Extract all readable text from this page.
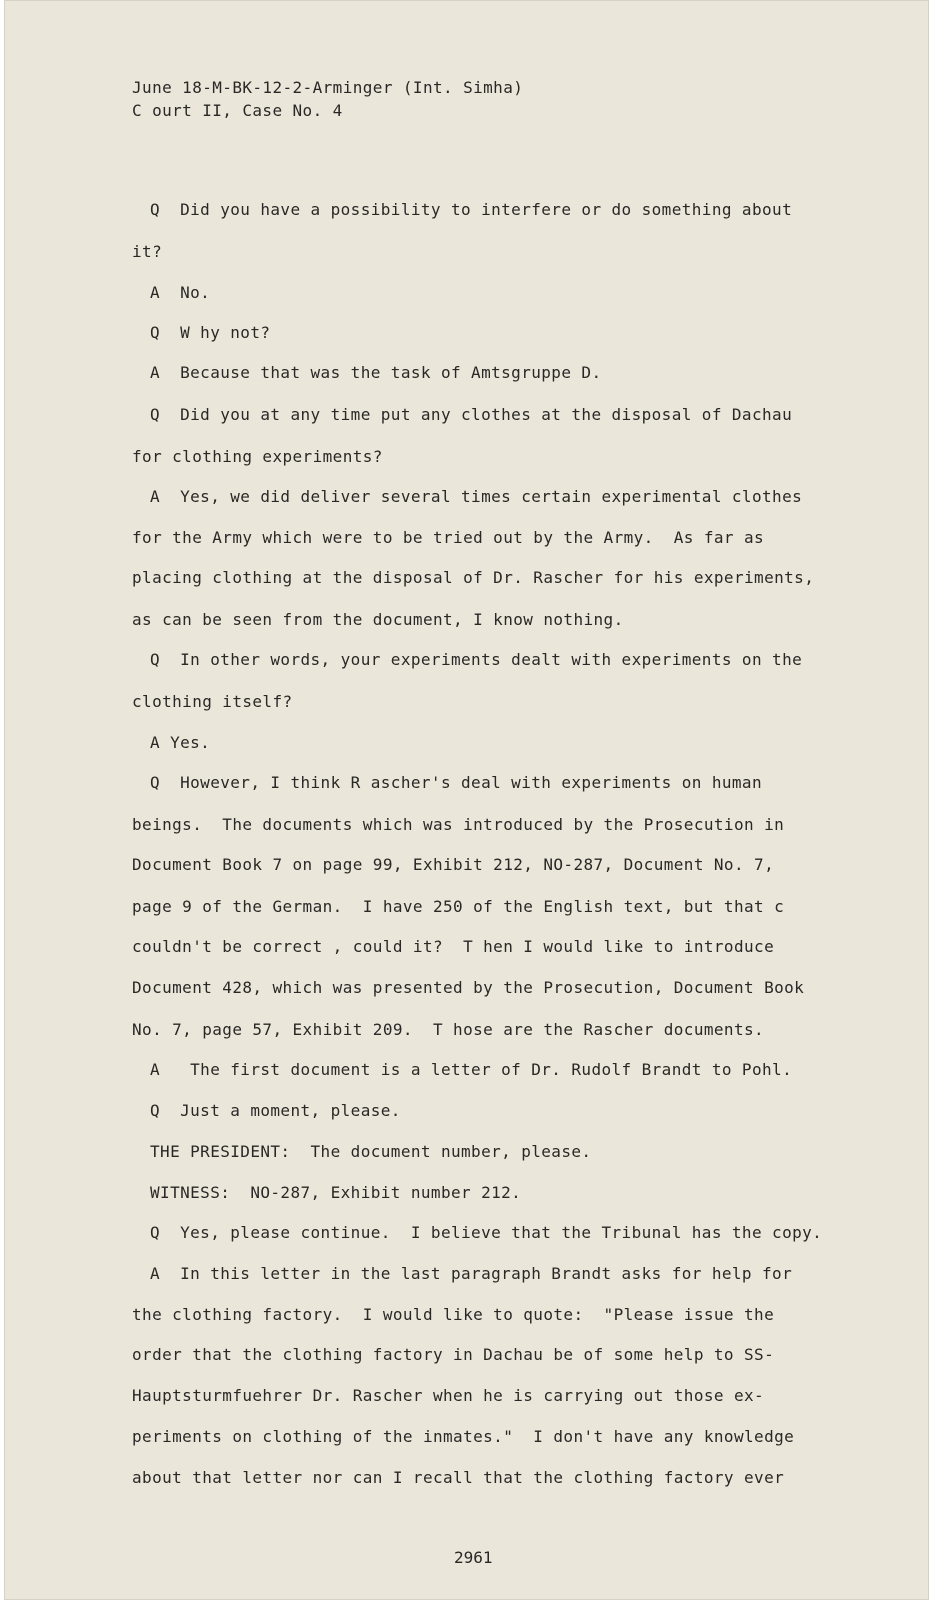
June 18-M-BK-12-2-Arminger (Int. Simha)
C ourt II, Case No. 4
Q  Did you have a possibility to interfere or do something about
it?
A  No.
Q  W hy not?
A  Because that was the task of Amtsgruppe D.
Q  Did you at any time put any clothes at the disposal of Dachau
for clothing experiments?
A  Yes, we did deliver several times certain experimental clothes
for the Army which were to be tried out by the Army.  As far as
placing clothing at the disposal of Dr. Rascher for his experiments,
as can be seen from the document, I know nothing.
Q  In other words, your experiments dealt with experiments on the
clothing itself?
A Yes.
Q  However, I think R ascher's deal with experiments on human
beings.  The documents which was introduced by the Prosecution in
Document Book 7 on page 99, Exhibit 212, NO-287, Document No. 7,
page 9 of the German.  I have 250 of the English text, but that c
couldn't be correct , could it?  T hen I would like to introduce
Document 428, which was presented by the Prosecution, Document Book
No. 7, page 57, Exhibit 209.  T hose are the Rascher documents.
A   The first document is a letter of Dr. Rudolf Brandt to Pohl.
Q  Just a moment, please.
THE PRESIDENT:  The document number, please.
WITNESS:  NO-287, Exhibit number 212.
Q  Yes, please continue.  I believe that the Tribunal has the copy.
A  In this letter in the last paragraph Brandt asks for help for
the clothing factory.  I would like to quote:  "Please issue the
order that the clothing factory in Dachau be of some help to SS-
Hauptsturmfuehrer Dr. Rascher when he is carrying out those ex-
periments on clothing of the inmates."  I don't have any knowledge
about that letter nor can I recall that the clothing factory ever
2961
